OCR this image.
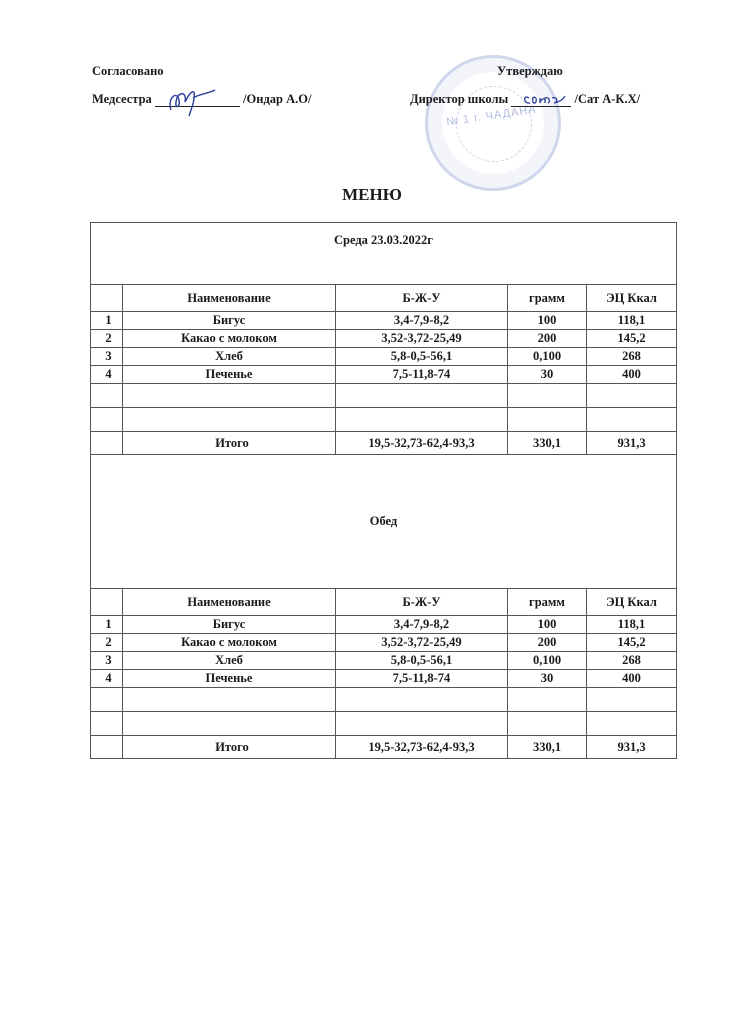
Согласовано
Медсестра	/Ондар А.О/
№ 1 г. ЧАДАНА
Утверждаю
Директор школы	/Сат А-К.Х/
МЕНЮ
Среда 23.03.2022г				

	Наименование	Б-Ж-У	грамм	ЭЦ Ккал
1	Бигус	3,4-7,9-8,2	100	118,1
2	Какао с молоком	3,52-3,72-25,49	200	145,2
3	Хлеб	5,8-0,5-56,1	0,100	268
4	Печенье	7,5-11,8-74	30	400

	Итого	19,5-32,73-62,4-93,3	330,1	931,3
Обед				
	Наименование	Б-Ж-У	грамм	ЭЦ Ккал
1	Бигус	3,4-7,9-8,2	100	118,1
2	Какао с молоком	3,52-3,72-25,49	200	145,2
3	Хлеб	5,8-0,5-56,1	0,100	268
4	Печенье	7,5-11,8-74	30	400

	Итого	19,5-32,73-62,4-93,3	330,1	931,3
